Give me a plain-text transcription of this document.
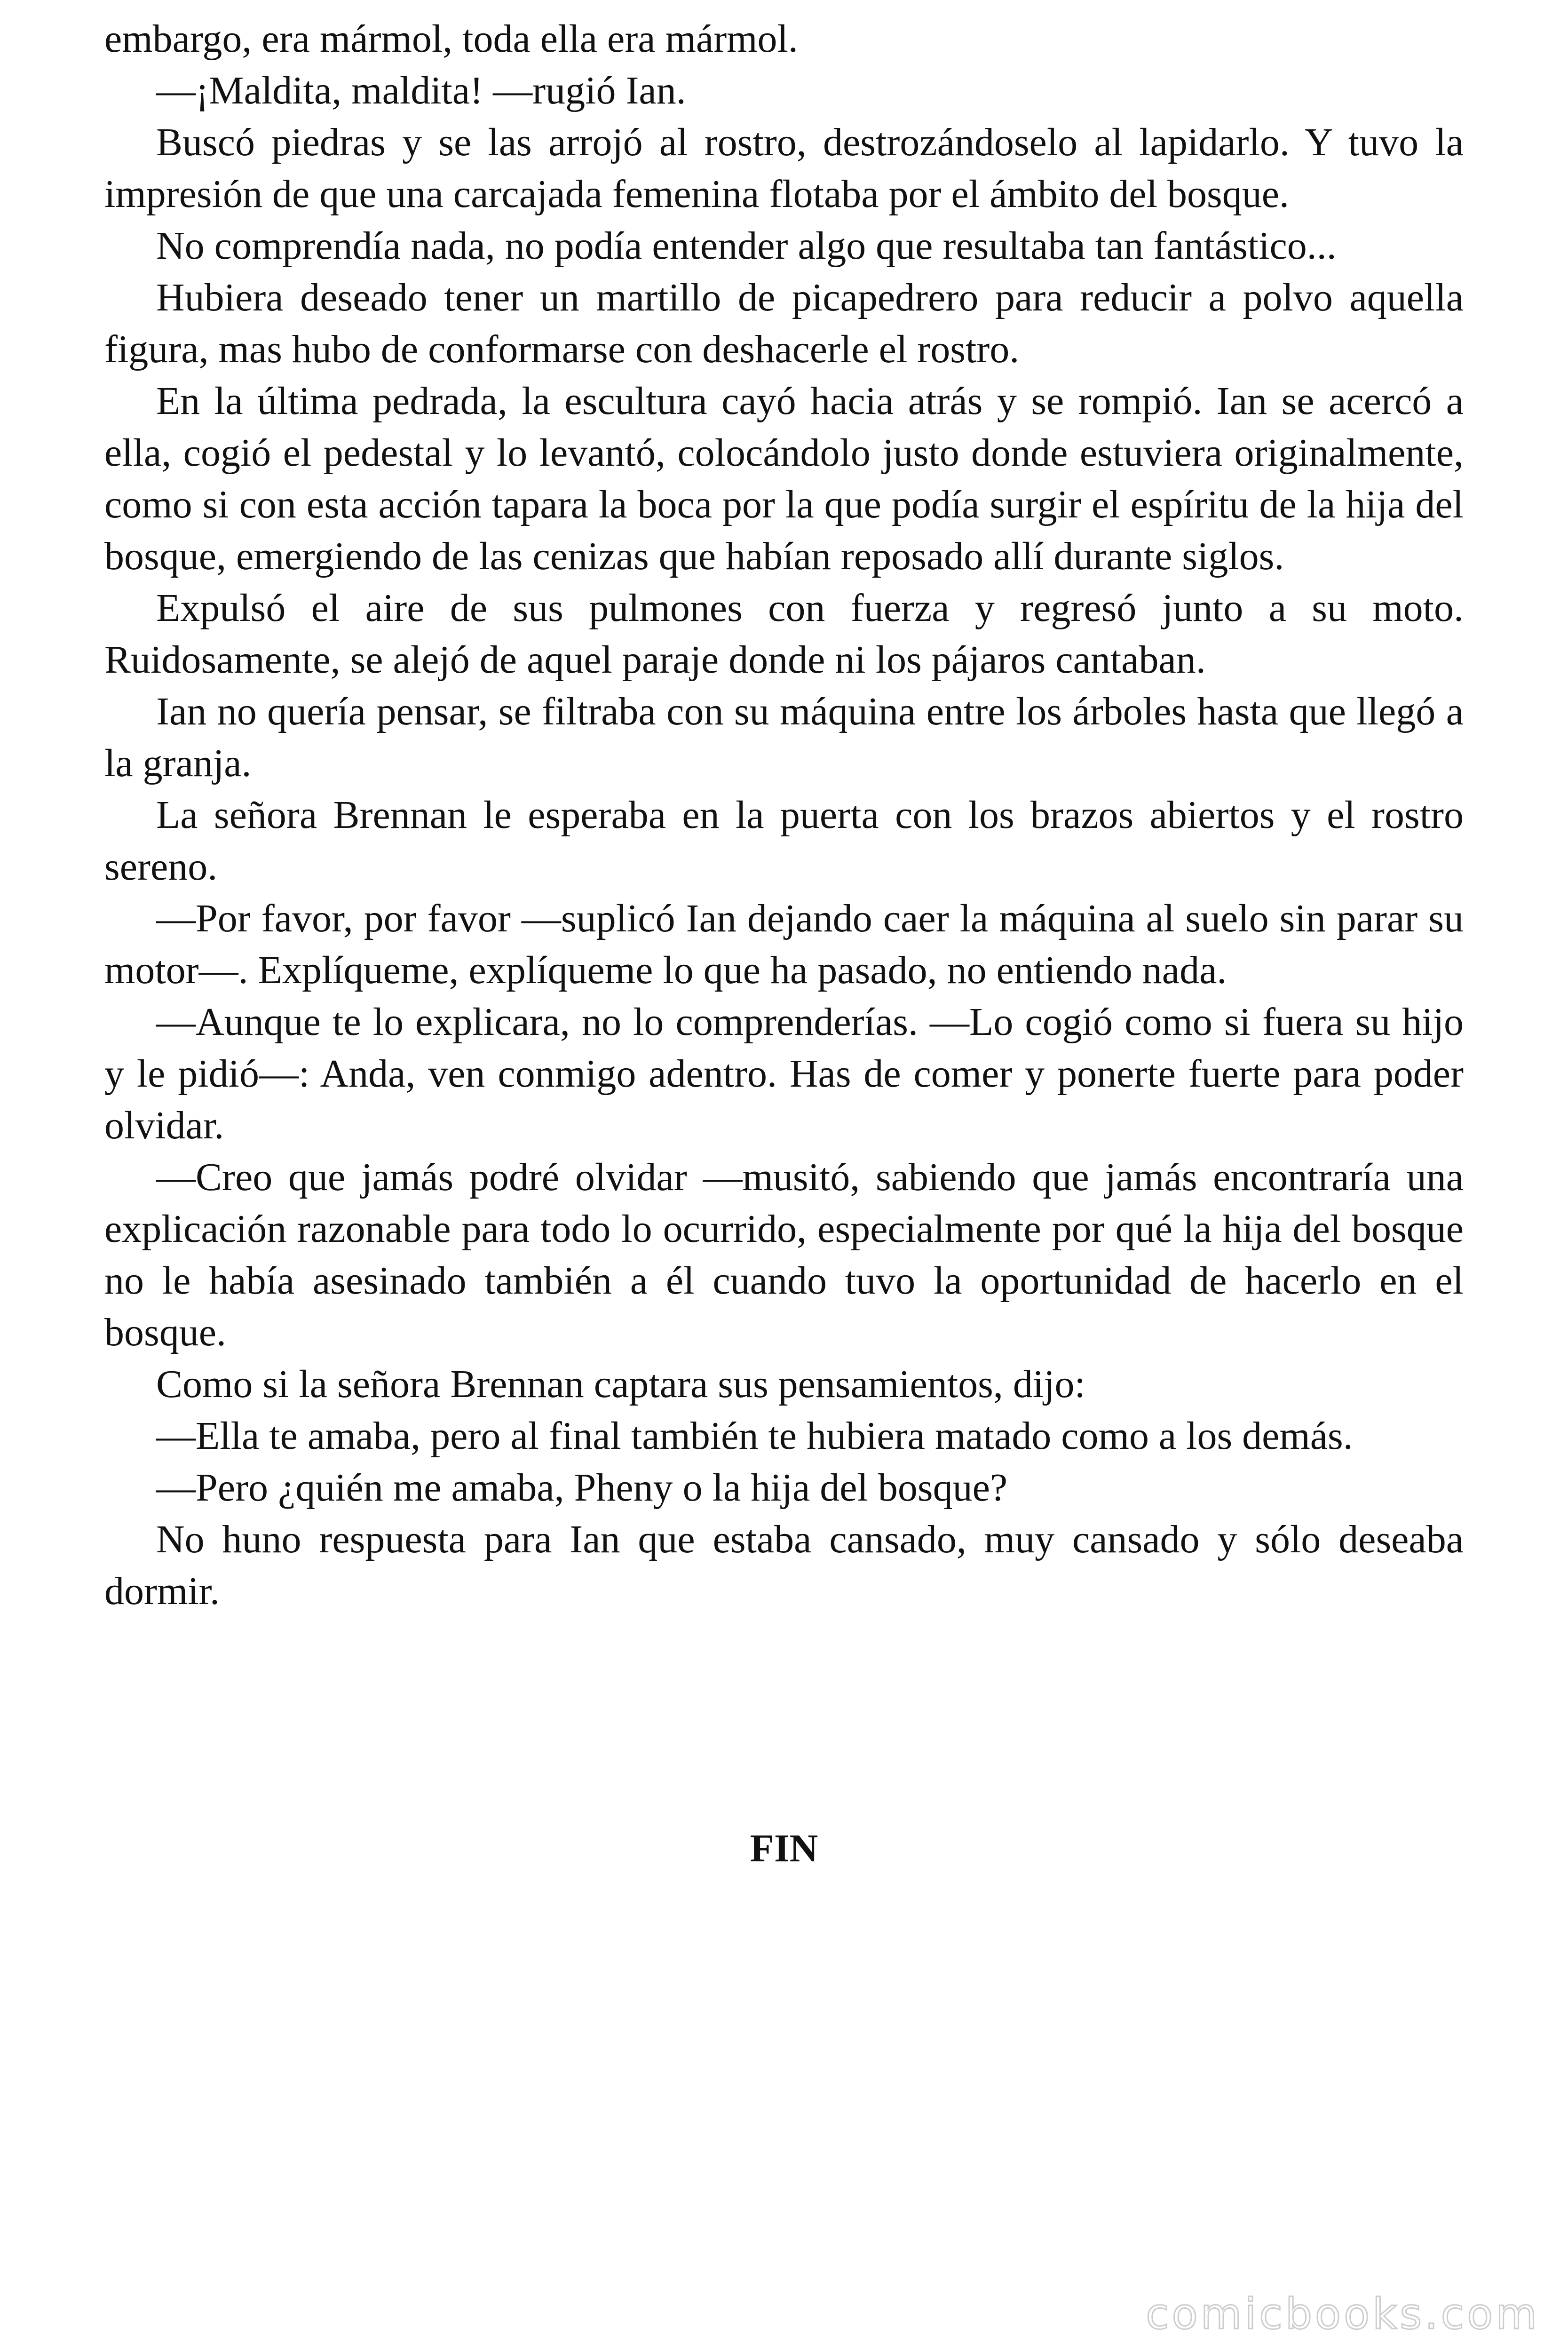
embargo, era mármol, toda ella era mármol.

—¡Maldita, maldita! —rugió Ian.

Buscó piedras y se las arrojó al rostro, destrozándoselo al lapidarlo. Y tuvo la impresión de que una carcajada femenina flotaba por el ámbito del bosque.

No comprendía nada, no podía entender algo que resultaba tan fantástico...

Hubiera deseado tener un martillo de picapedrero para reducir a polvo aquella figura, mas hubo de conformarse con deshacerle el rostro.

En la última pedrada, la escultura cayó hacia atrás y se rompió. Ian se acercó a ella, cogió el pedestal y lo levantó, colocándolo justo donde estuviera originalmente, como si con esta acción tapara la boca por la que podía surgir el espíritu de la hija del bosque, emergiendo de las cenizas que habían reposado allí durante siglos.

Expulsó el aire de sus pulmones con fuerza y regresó junto a su moto. Ruidosamente, se alejó de aquel paraje donde ni los pájaros cantaban.

Ian no quería pensar, se filtraba con su máquina entre los árboles hasta que llegó a la granja.

La señora Brennan le esperaba en la puerta con los brazos abiertos y el rostro sereno.

—Por favor, por favor —suplicó Ian dejando caer la máquina al suelo sin parar su motor—. Explíqueme, explíqueme lo que ha pasado, no entiendo nada.

—Aunque te lo explicara, no lo comprenderías. —Lo cogió como si fuera su hijo y le pidió—: Anda, ven conmigo adentro. Has de comer y ponerte fuerte para poder olvidar.

—Creo que jamás podré olvidar —musitó, sabiendo que jamás encontraría una explicación razonable para todo lo ocurrido, especialmente por qué la hija del bosque no le había asesinado también a él cuando tuvo la oportunidad de hacerlo en el bosque.

Como si la señora Brennan captara sus pensamientos, dijo:

—Ella te amaba, pero al final también te hubiera matado como a los demás.

—Pero ¿quién me amaba, Pheny o la hija del bosque?

No huno respuesta para Ian que estaba cansado, muy cansado y sólo deseaba dormir.

FIN
comicbooks.com
